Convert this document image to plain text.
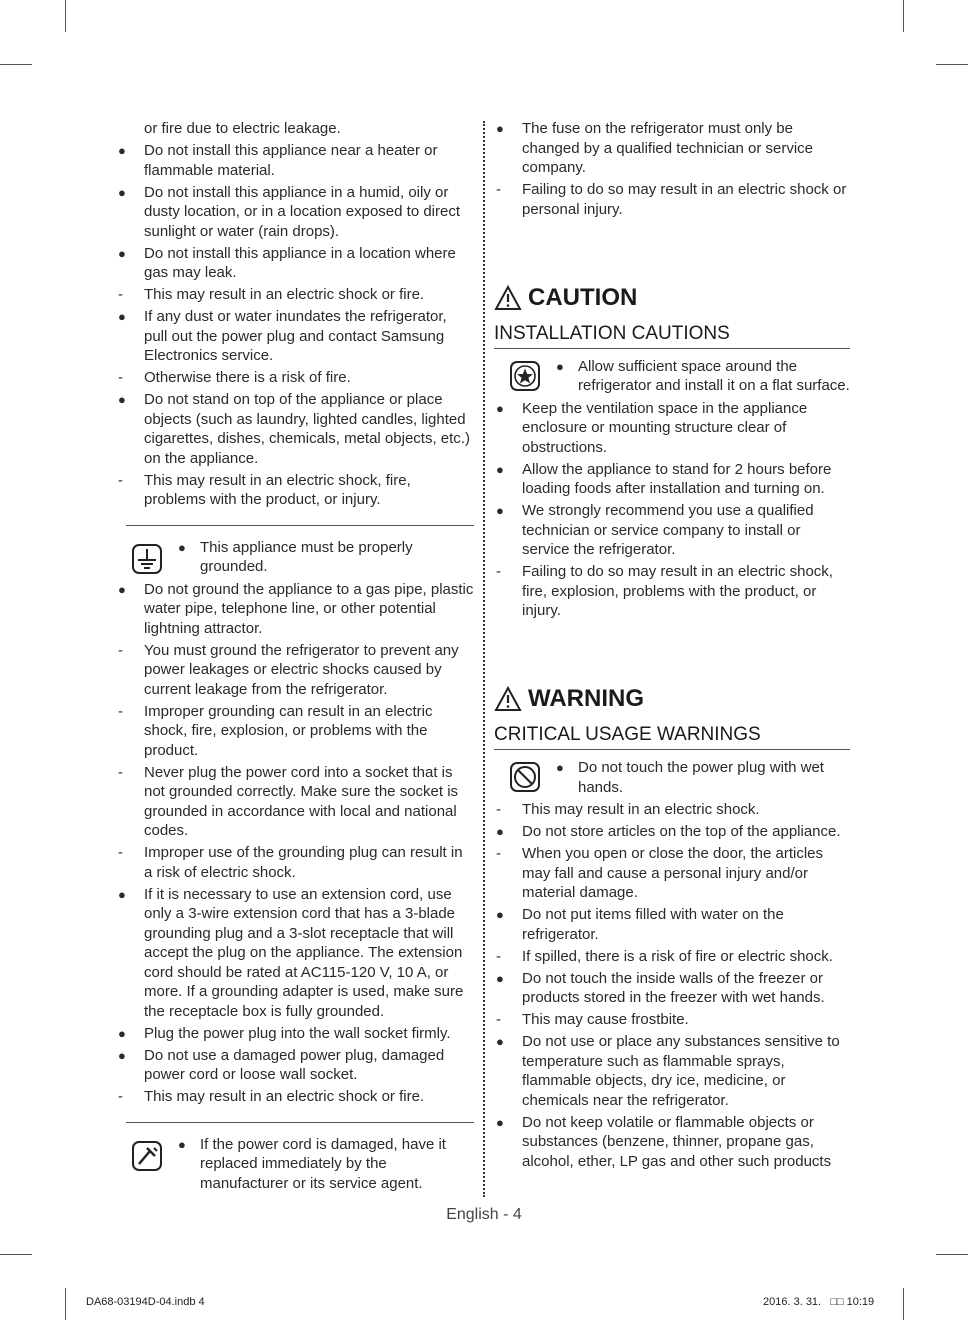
or fire due to electric leakage.
●	Do not install this appliance near a heater or flammable material.
●	Do not install this appliance in a humid, oily or dusty location, or in a location exposed to direct sunlight or water (rain drops).
●	Do not install this appliance in a location where gas may leak.
-	This may result in an electric shock or fire.
●	If any dust or water inundates the refrigerator, pull out the power plug and contact Samsung Electronics service.
-	Otherwise there is a risk of fire.
●	Do not stand on top of the appliance or place objects (such as laundry, lighted candles, lighted cigarettes, dishes, chemicals, metal objects, etc.) on the appliance.
-	This may result in an electric shock, fire, problems with the product, or injury.
● This appliance must be properly grounded.
●	Do not ground the appliance to a gas pipe, plastic water pipe, telephone line, or other potential lightning attractor.
-	You must ground the refrigerator to prevent any power leakages or electric shocks caused by current leakage from the refrigerator.
-	Improper grounding can result in an electric shock, fire, explosion, or problems with the product.
-	Never plug the power cord into a socket that is not grounded correctly. Make sure the socket is grounded in accordance with local and national codes.
-	Improper use of the grounding plug can result in a risk of electric shock.
●	If it is necessary to use an extension cord, use only a 3-wire extension cord that has a 3-blade grounding plug and a 3-slot receptacle that will accept the plug on the appliance. The extension cord should be rated at AC115-120 V, 10 A, or more. If a grounding adapter is used, make sure the receptacle box is fully grounded.
●	Plug the power plug into the wall socket firmly.
●	Do not use a damaged power plug, damaged power cord or loose wall socket.
-	This may result in an electric shock or fire.
● If the power cord is damaged, have it replaced immediately by the manufacturer or its service agent.
●	The fuse on the refrigerator must only be changed by a qualified technician or service company.
-	Failing to do so may result in an electric shock or personal injury.
CAUTION
INSTALLATION CAUTIONS
● Allow sufficient space around the refrigerator and install it on a flat surface.
●	Keep the ventilation space in the appliance enclosure or mounting structure clear of obstructions.
●	Allow the appliance to stand for 2 hours before loading foods after installation and turning on.
●	We strongly recommend you use a qualified technician or service company to install or service the refrigerator.
-	Failing to do so may result in an electric shock, fire, explosion, problems with the product, or injury.
WARNING
CRITICAL USAGE WARNINGS
● Do not touch the power plug with wet hands.
-	This may result in an electric shock.
●	Do not store articles on the top of the appliance.
-	When you open or close the door, the articles may fall and cause a personal injury and/or material damage.
●	Do not put items filled with water on the refrigerator.
-	If spilled, there is a risk of fire or electric shock.
●	Do not touch the inside walls of the freezer or products stored in the freezer with wet hands.
-	This may cause frostbite.
●	Do not use or place any substances sensitive to temperature such as flammable sprays, flammable objects, dry ice, medicine, or chemicals near the refrigerator.
●	Do not keep volatile or flammable objects or substances (benzene, thinner, propane gas, alcohol, ether, LP gas and other such products
English - 4
DA68-03194D-04.indb 4	2016. 3. 31.   □□ 10:19
